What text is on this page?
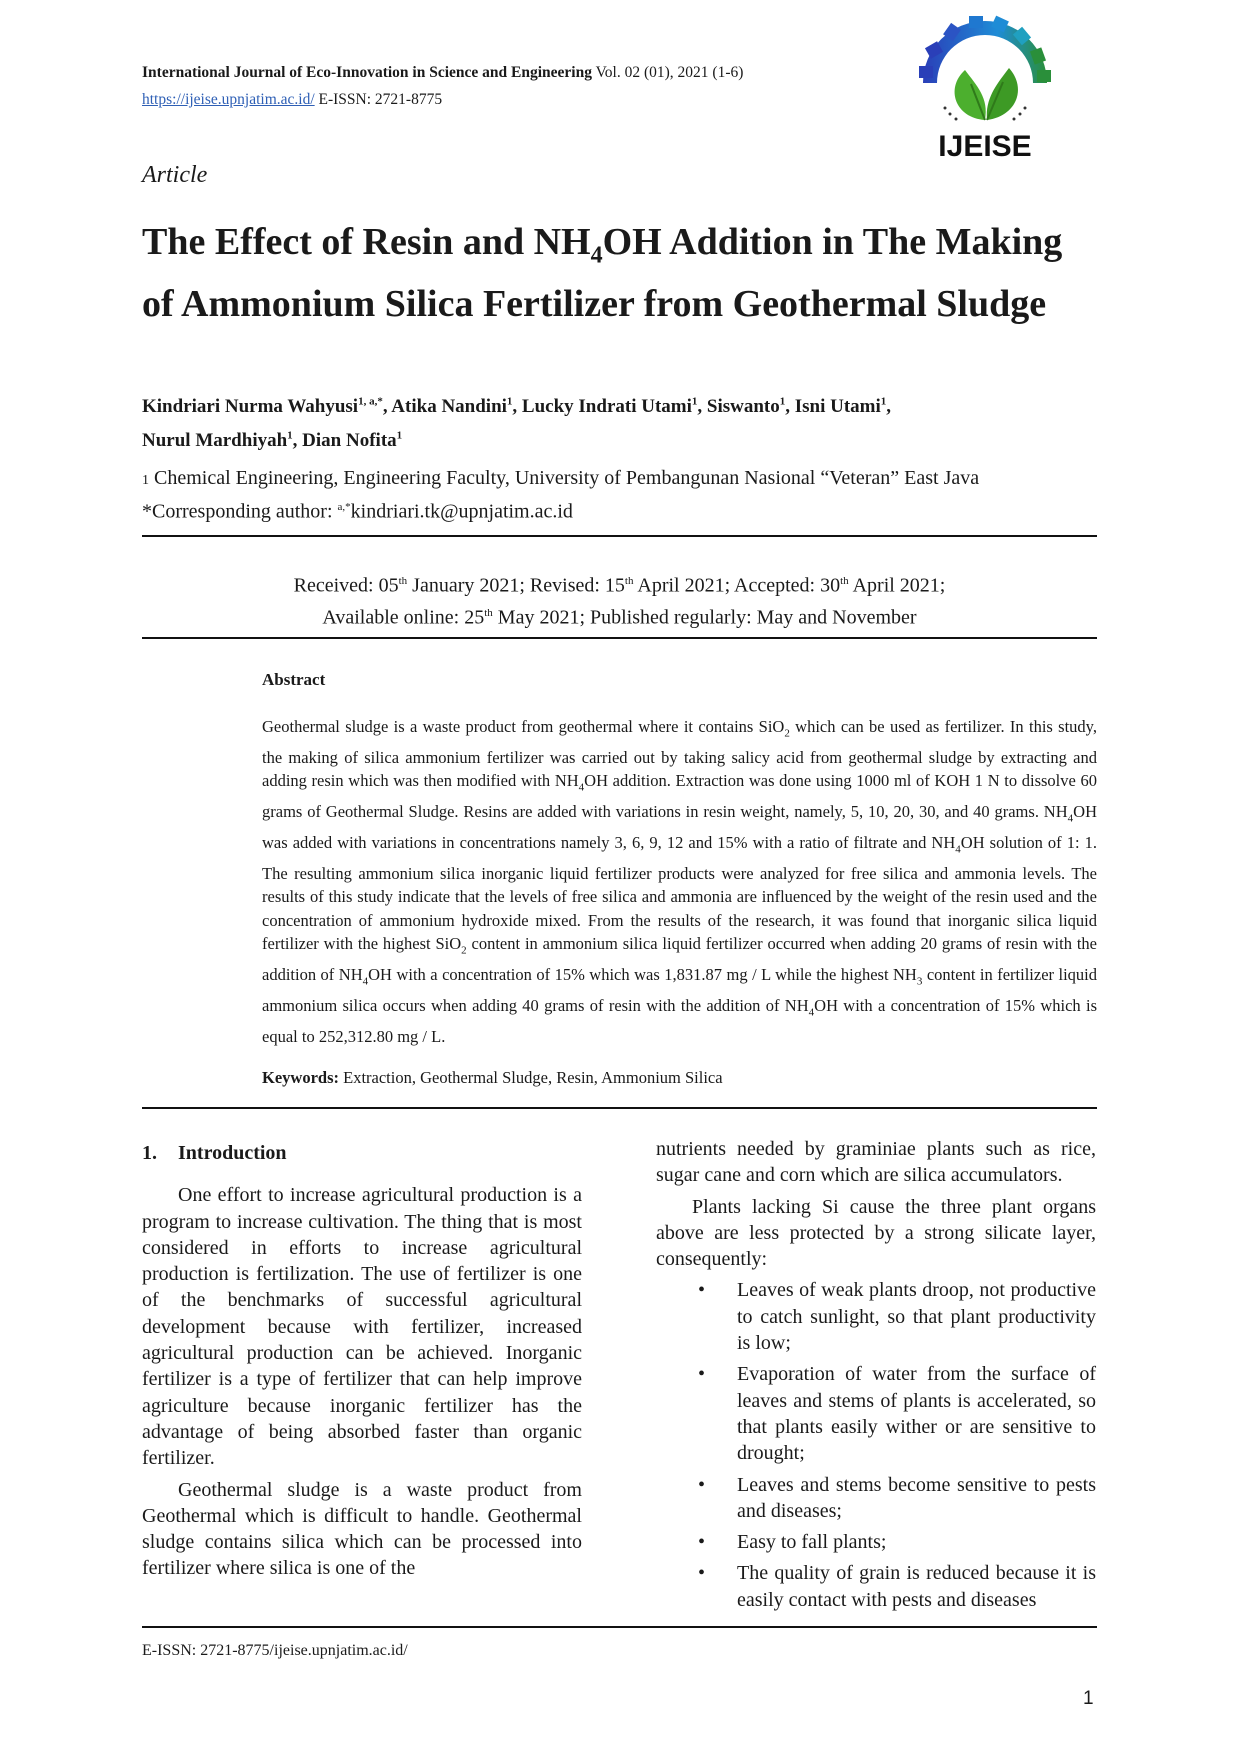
International Journal of Eco-Innovation in Science and Engineering Vol. 02 (01), 2021 (1-6)
https://ijeise.upnjatim.ac.id/ E-ISSN: 2721-8775
IJEISE
Article
The Effect of Resin and $NH_4OH$ Addition in The Making of Ammonium Silica Fertilizer from Geothermal Sludge
Kindriari Nurma Wahyusi$^{1, a,*}$, Atika Nandini$^1$, Lucky Indrati Utami$^1$, Siswanto$^1$, Isni Utami$^1$,
Nurul Mardhiyah$^1$, Dian Nofita$^1$
1 Chemical Engineering, Engineering Faculty, University of Pembangunan Nasional “Veteran” East Java
*Corresponding author: $^{a,*}$kindriari.tk@upnjatim.ac.id
Received: 05th January 2021; Revised: 15th April 2021; Accepted: 30th April 2021;
Available online: 25th May 2021; Published regularly: May and November
Abstract
Geothermal sludge is a waste product from geothermal where it contains SiO$_2$ which can be used as fertilizer. In this study, the making of silica ammonium fertilizer was carried out by taking salicy acid from geothermal sludge by extracting and adding resin which was then modified with $NH_4OH$ addition. Extraction was done using 1000 ml of KOH 1 N to dissolve 60 grams of Geothermal Sludge. Resins are added with variations in resin weight, namely, 5, 10, 20, 30, and 40 grams. $NH_4OH$ was added with variations in concentrations namely 3, 6, 9, 12 and 15% with a ratio of filtrate and $NH_4OH$ solution of 1: 1. The resulting ammonium silica inorganic liquid fertilizer products were analyzed for free silica and ammonia levels. The results of this study indicate that the levels of free silica and ammonia are influenced by the weight of the resin used and the concentration of ammonium hydroxide mixed. From the results of the research, it was found that inorganic silica liquid fertilizer with the highest SiO$_2$ content in ammonium silica liquid fertilizer occurred when adding 20 grams of resin with the addition of $NH_4OH$ with a concentration of 15% which was 1,831.87 mg / L while the highest $NH_3$ content in fertilizer liquid ammonium silica occurs when adding 40 grams of resin with the addition of $NH_4OH$ with a concentration of 15% which is equal to 252,312.80 mg / L.
Keywords: Extraction, Geothermal Sludge, Resin, Ammonium Silica
1. Introduction

One effort to increase agricultural production is a program to increase cultivation. The thing that is most considered in efforts to increase agricultural production is fertilization. The use of fertilizer is one of the benchmarks of successful agricultural development because with fertilizer, increased agricultural production can be achieved. Inorganic fertilizer is a type of fertilizer that can help improve agriculture because inorganic fertilizer has the advantage of being absorbed faster than organic fertilizer.

Geothermal sludge is a waste product from Geothermal which is difficult to handle. Geothermal sludge contains silica which can be processed into fertilizer where silica is one of the

nutrients needed by graminiae plants such as rice, sugar cane and corn which are silica accumulators.

Plants lacking Si cause the three plant organs above are less protected by a strong silicate layer, consequently:

• Leaves of weak plants droop, not productive to catch sunlight, so that plant productivity is low;
• Evaporation of water from the surface of leaves and stems of plants is accelerated, so that plants easily wither or are sensitive to drought;
• Leaves and stems become sensitive to pests and diseases;
• Easy to fall plants;
• The quality of grain is reduced because it is easily contact with pests and diseases
E-ISSN: 2721-8775/ijeise.upnjatim.ac.id/
1
